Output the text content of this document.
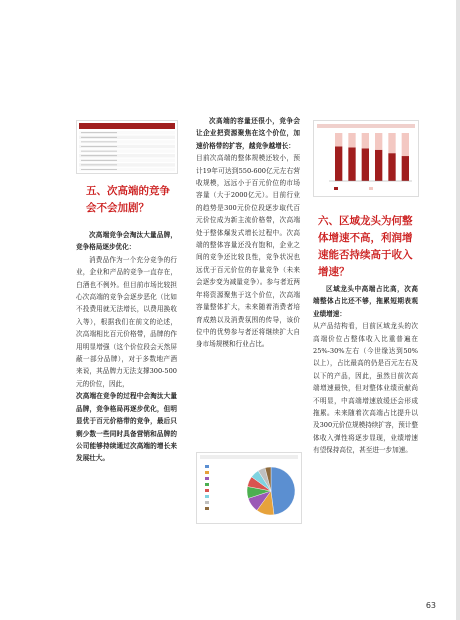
五、次高端的竞争会不会加剧？

次高端竞争会淘汰大量品牌，竞争格局逐步优化：

消费品作为一个充分竞争的行业，企业和产品的竞争一直存在，白酒也不例外。但目前市场比较担心次高端的竞争会逐步恶化（比如不投费用就无法增长，以费用换收入等），根据我们在前文的论述，次高端相比百元价格带，品牌的作用明显增强（这个价位段会天然屏蔽一部分品牌），对于多数地产酒来说，其品牌力无法支撑300-500元的价位，因此，

次高端在竞争的过程中会淘汰大量品牌，竞争格局再逐步优化，但明显优于百元价格带的竞争，最后只剩少数一些同时具备营销和品牌的公司能够持续通过次高端的增长来发展壮大。

次高端的容量还很小，竞争会让企业把资源聚焦在这个价位，加速价格带的扩容，越竞争越增长：

目前次高端的整体规模还较小，预计19年可达到550-600亿元左右营收规模，远远小于百元价位的市场容量（大于2000亿元）。目前行业的趋势是300元价位段逐步取代百元价位成为新主流价格带，次高端处于整体爆发式增长过程中。次高端的整体容量还没有饱和，企业之间的竞争还比较良性，竞争状况也远优于百元价位的存量竞争（未来会逐步变为减量竞争）。参与者近两年将资源聚焦于这个价位，次高端容量整体扩大，未来随着消费者培育成熟以及消费氛围的传导，该价位中的优势参与者还将继续扩大自身市场规模和行业占比。

六、区域龙头为何整体增速不高，利润增速能否持续高于收入增速？

区域龙头中高端占比高，次高端整体占比还不够，拖累短期表观业绩增速：

从产品结构看，目前区域龙头的次高端价位占整体收入比重普遍在25%-30%左右（今世缘达到50%以上），占比最高的仍是百元左右及以下的产品，因此，虽然目前次高端增速最快，但对整体业绩贡献尚不明显，中高端增速放缓还会形成拖累。未来随着次高端占比提升以及300元价位规模持续扩容，预计整体收入弹性将逐步显现，业绩增速有望保持高位，甚至进一步加速。

63
